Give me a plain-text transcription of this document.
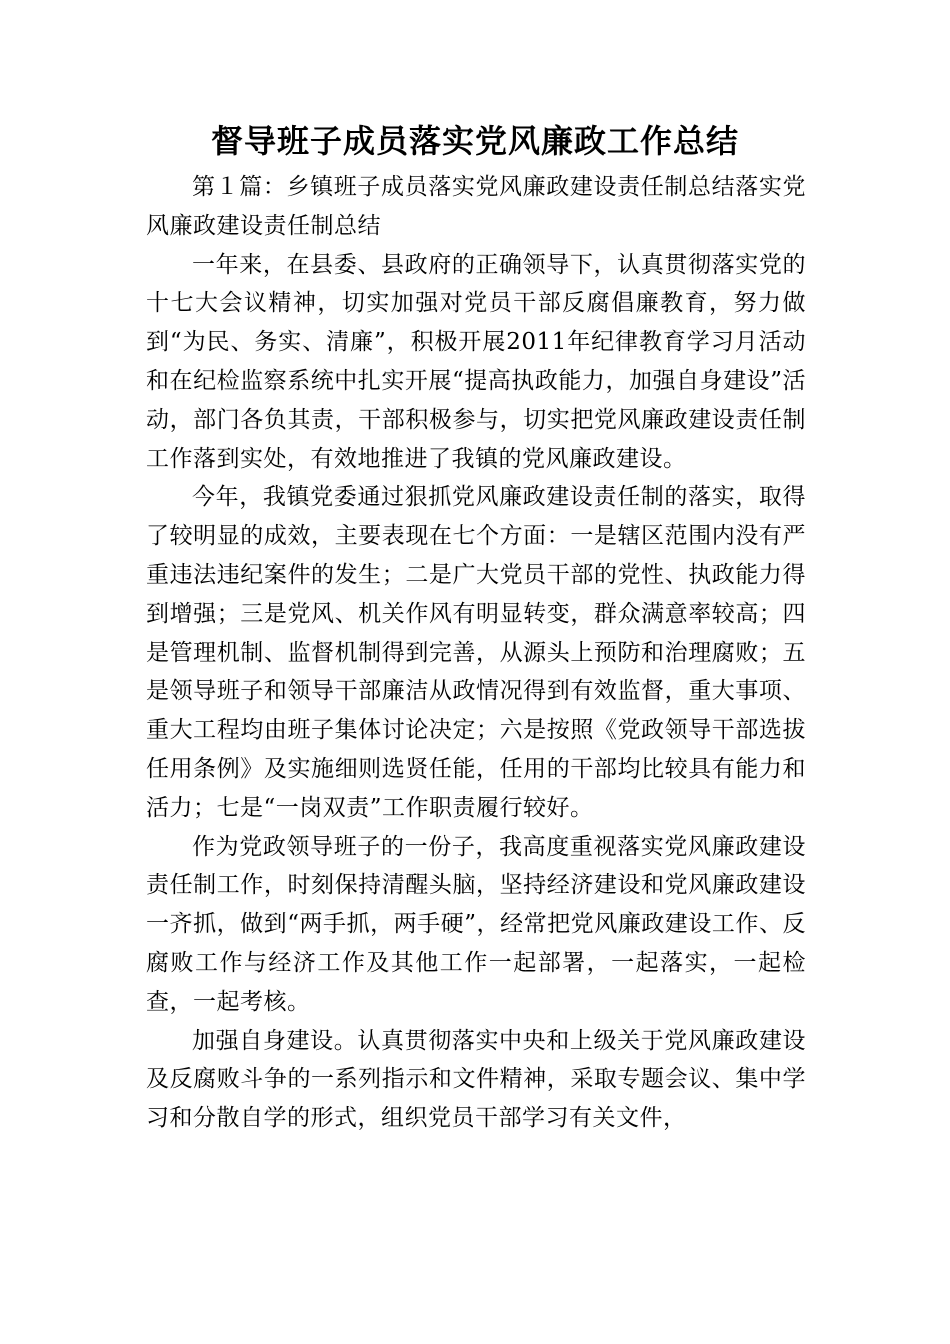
督导班子成员落实党风廉政工作总结

第１篇：乡镇班子成员落实党风廉政建设责任制总结落实党风廉政建设责任制总结

一年来，在县委、县政府的正确领导下，认真贯彻落实党的十七大会议精神，切实加强对党员干部反腐倡廉教育，努力做到“为民、务实、清廉”，积极开展2011年纪律教育学习月活动和在纪检监察系统中扎实开展“提高执政能力，加强自身建设”活动，部门各负其责，干部积极参与，切实把党风廉政建设责任制工作落到实处，有效地推进了我镇的党风廉政建设。

今年，我镇党委通过狠抓党风廉政建设责任制的落实，取得了较明显的成效，主要表现在七个方面：一是辖区范围内没有严重违法违纪案件的发生；二是广大党员干部的党性、执政能力得到增强；三是党风、机关作风有明显转变，群众满意率较高；四是管理机制、监督机制得到完善，从源头上预防和治理腐败；五是领导班子和领导干部廉洁从政情况得到有效监督，重大事项、重大工程均由班子集体讨论决定；六是按照《党政领导干部选拔任用条例》及实施细则选贤任能，任用的干部均比较具有能力和活力；七是“一岗双责”工作职责履行较好。

作为党政领导班子的一份子，我高度重视落实党风廉政建设责任制工作，时刻保持清醒头脑，坚持经济建设和党风廉政建设一齐抓，做到“两手抓，两手硬”，经常把党风廉政建设工作、反腐败工作与经济工作及其他工作一起部署，一起落实，一起检查，一起考核。

加强自身建设。认真贯彻落实中央和上级关于党风廉政建设及反腐败斗争的一系列指示和文件精神，采取专题会议、集中学习和分散自学的形式，组织党员干部学习有关文件，
